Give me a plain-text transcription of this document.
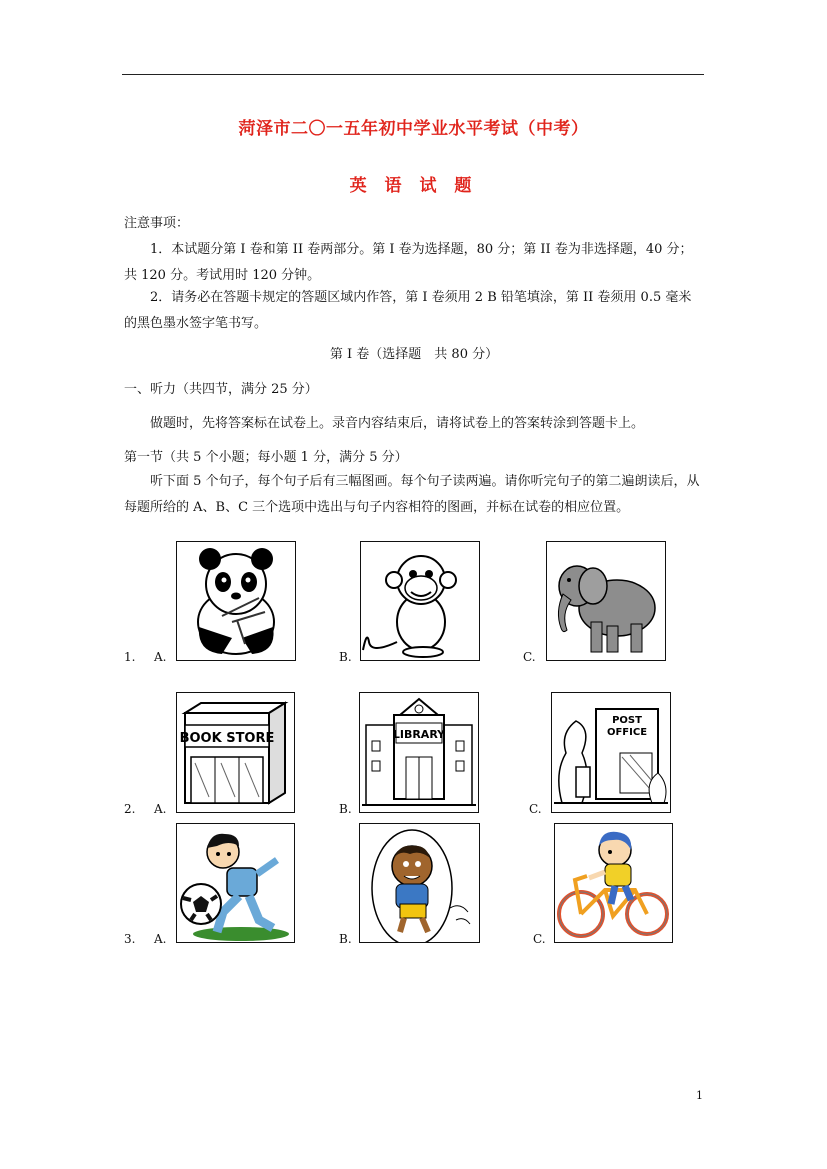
菏泽市二〇一五年初中学业水平考试（中考）
英 语 试 题
注意事项：
1．本试题分第 I 卷和第 II 卷两部分。第 I 卷为选择题，80 分；第 II 卷为非选择题，40 分；共 120 分。考试用时 120 分钟。
2．请务必在答题卡规定的答题区域内作答，第 I 卷须用 2 B 铅笔填涂，第 II 卷须用 0.5 毫米的黑色墨水签字笔书写。
第 I 卷（选择题　共 80 分）
一、听力（共四节，满分 25 分）
做题时，先将答案标在试卷上。录音内容结束后，请将试卷上的答案转涂到答题卡上。
第一节（共 5 个小题；每小题 1 分，满分 5 分）
听下面 5 个句子，每个句子后有三幅图画。每个句子读两遍。请你听完句子的第二遍朗读后，从每题所给的 A、B、C 三个选项中选出与句子内容相符的图画，并标在试卷的相应位置。
1. A.	B.	C.
2. A.
BOOK STORE
B.
LIBRARY
C.
POST
OFFICE
3. A.	B.	C.
1
